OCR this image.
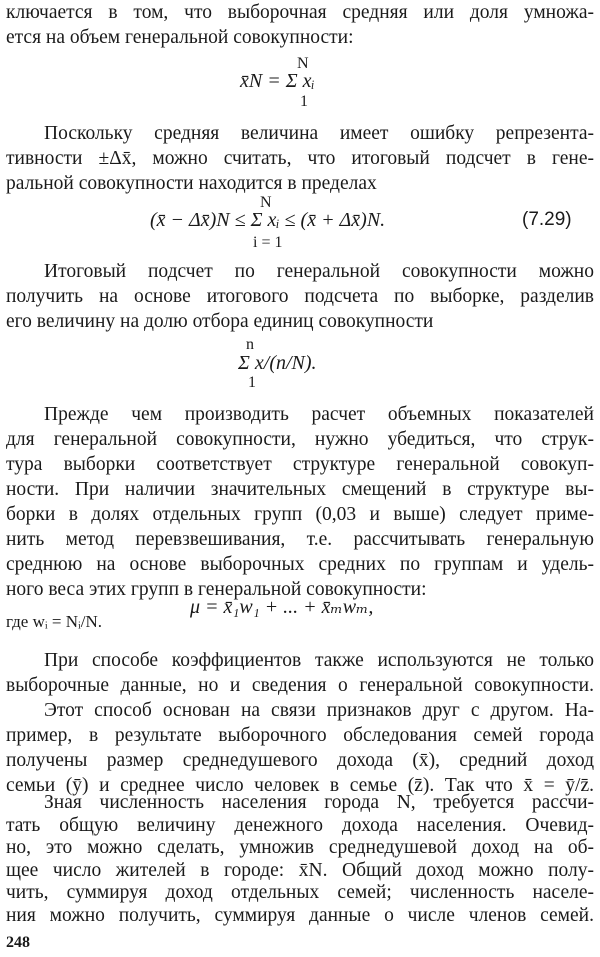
ключается в том, что выборочная средняя или доля умножа-
ется на объем генеральной совокупности:
N
x̄N = Σ xᵢ
1
Поскольку средняя величина имеет ошибку репрезента-
тивности ±Δx̄, можно считать, что итоговый подсчет в гене-
ральной совокупности находится в пределах
N
(x̄ − Δx̄)N ≤ Σ xᵢ ≤ (x̄ + Δx̄)N.
i = 1
(7.29)
Итоговый подсчет по генеральной совокупности можно
получить на основе итогового подсчета по выборке, разделив
его величину на долю отбора единиц совокупности
n
Σ x/(n/N).
1
Прежде чем производить расчет объемных показателей
для генеральной совокупности, нужно убедиться, что струк-
тура выборки соответствует структуре генеральной совокуп-
ности. При наличии значительных смещений в структуре вы-
борки в долях отдельных групп (0,03 и выше) следует приме-
нить метод перевзвешивания, т.е. рассчитывать генеральную
среднюю на основе выборочных средних по группам и удель-
ного веса этих групп в генеральной совокупности:
μ = x̄₁w₁ + ... + x̄ₘwₘ,
где wᵢ = Nᵢ/N.
При способе коэффициентов также используются не только
выборочные данные, но и сведения о генеральной совокупности.
Этот способ основан на связи признаков друг с другом. На-
пример, в результате выборочного обследования семей города
получены размер среднедушевого дохода (x̄), средний доход
семьи (ȳ) и среднее число человек в семье (z̄). Так что x̄ = ȳ/z̄.
248
Зная численность населения города N, требуется рассчи-
тать общую величину денежного дохода населения. Очевид-
но, это можно сделать, умножив среднедушевой доход на об-
щее число жителей в городе: x̄N. Общий доход можно полу-
чить, суммируя доход отдельных семей; численность населе-
ния можно получить, суммируя данные о числе членов семей.
